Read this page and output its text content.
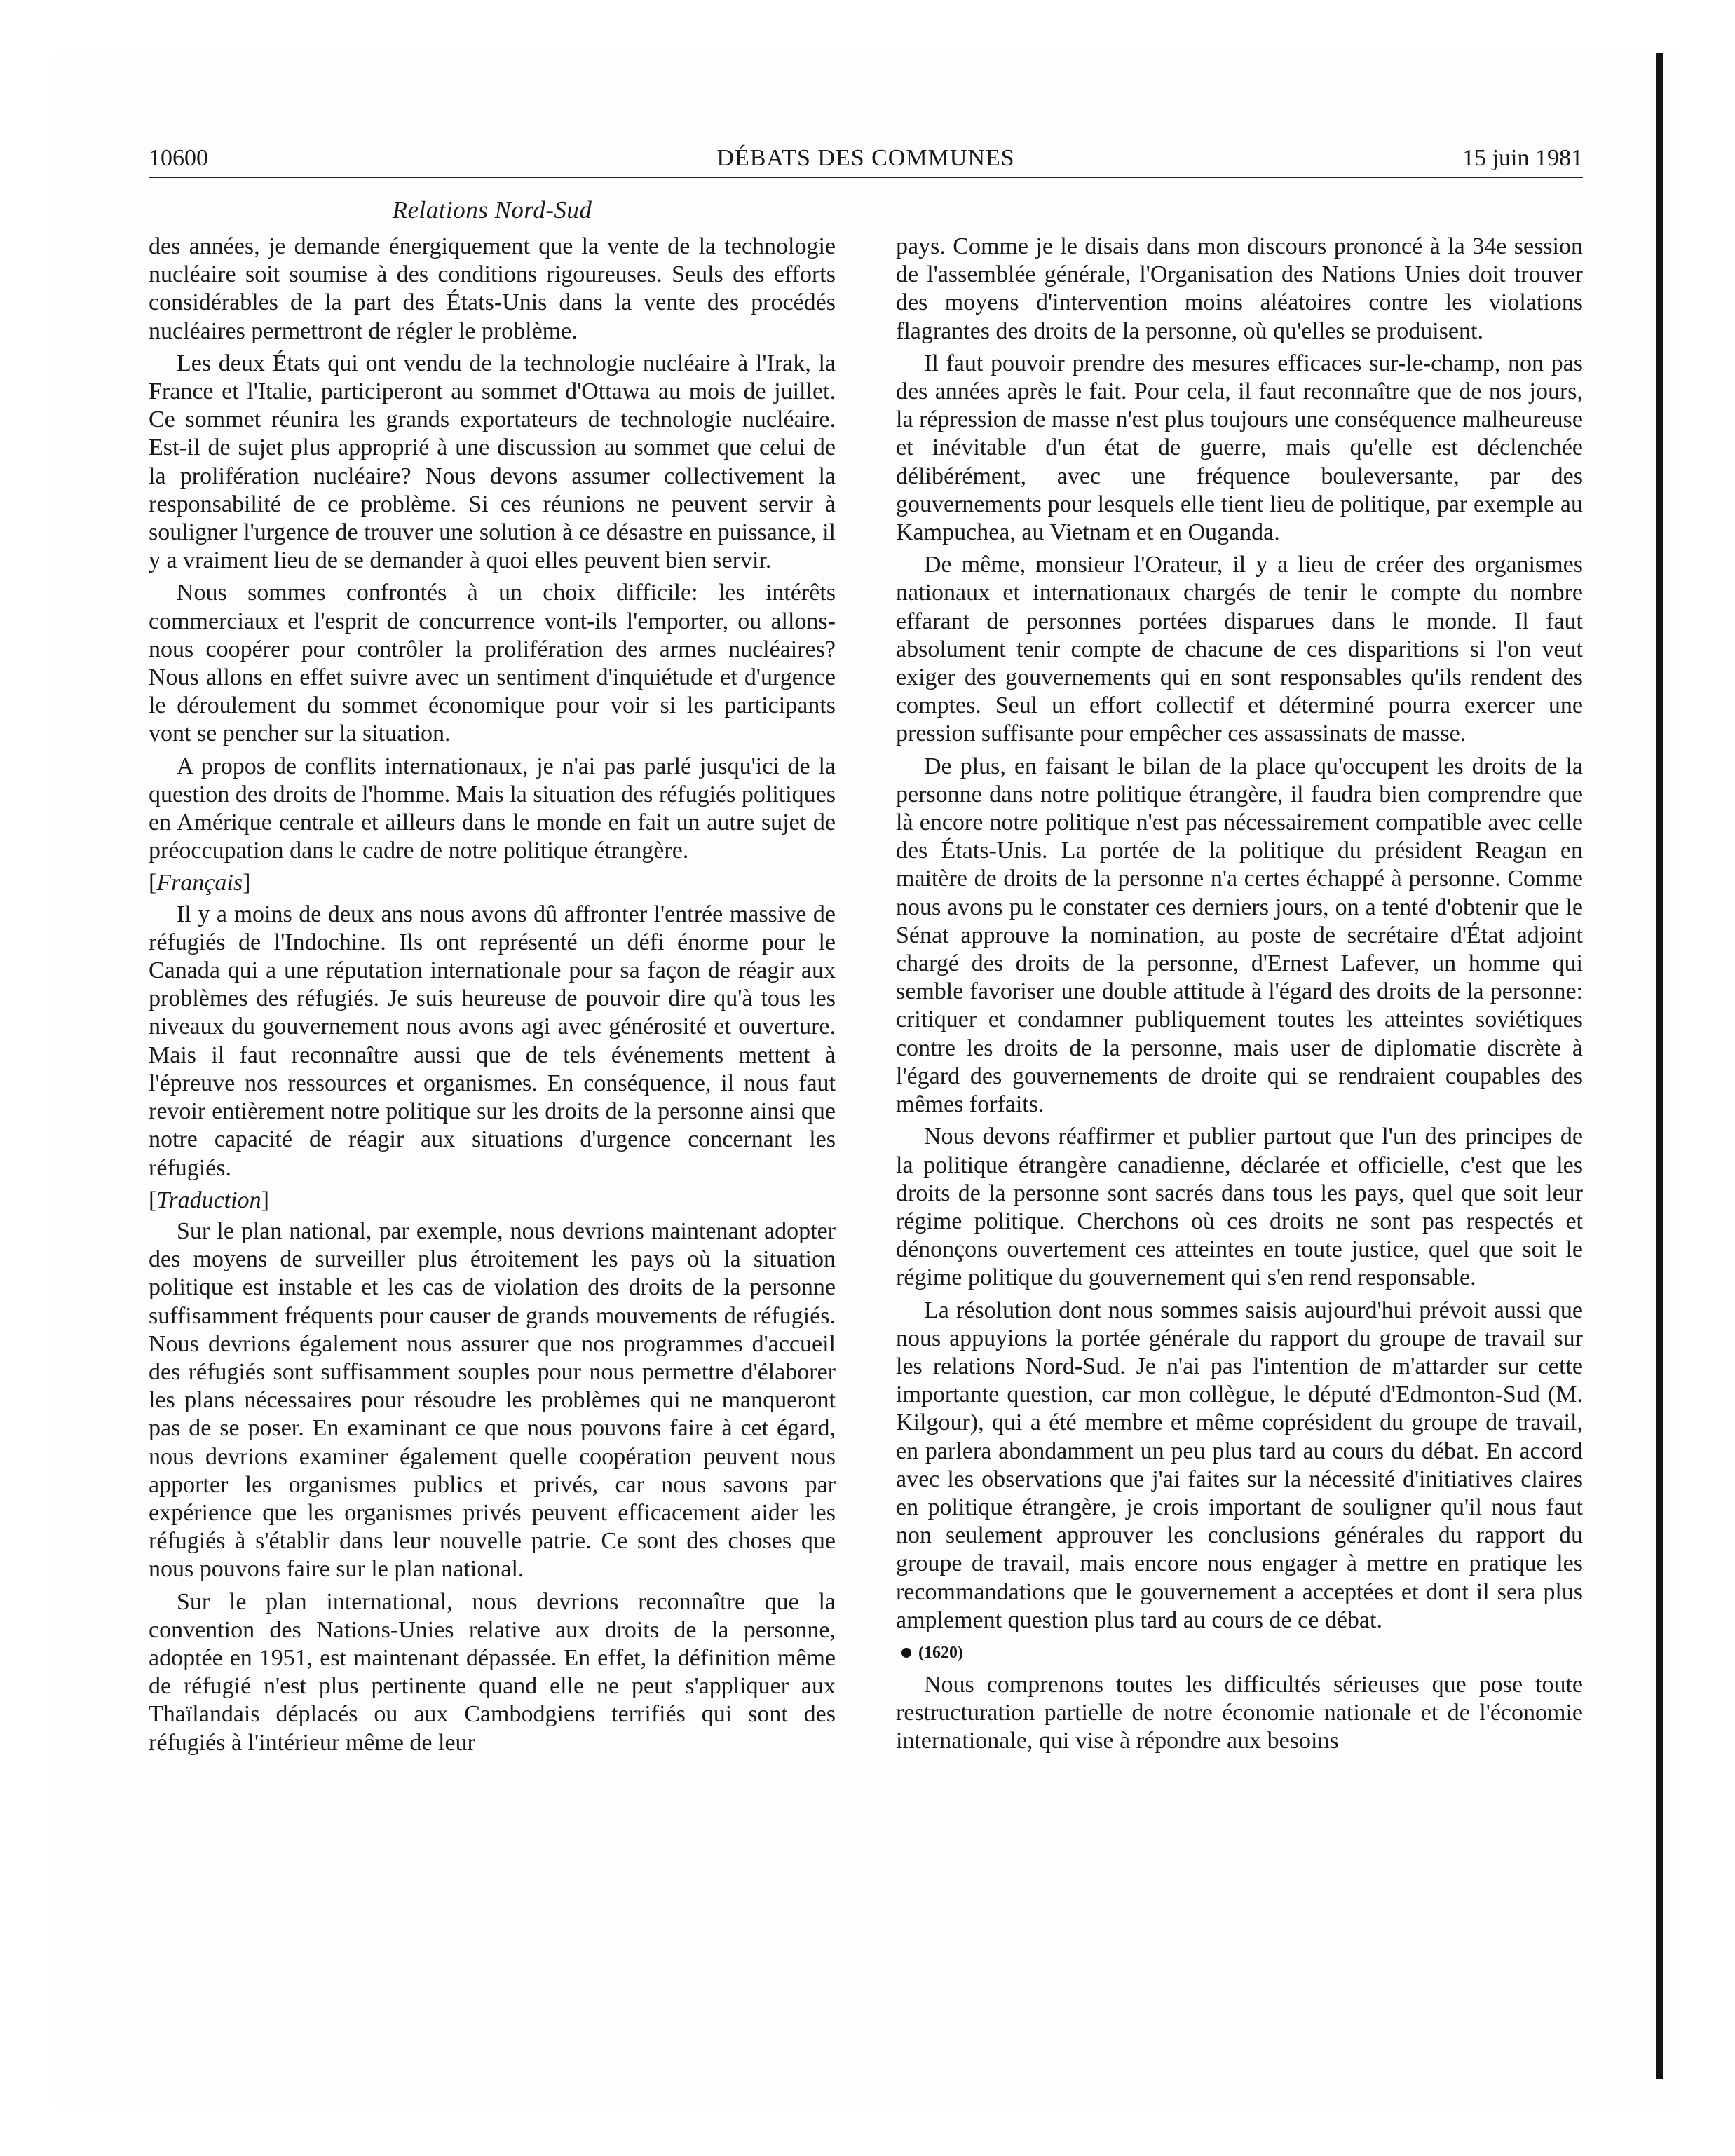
10600	DÉBATS DES COMMUNES	15 juin 1981
Relations Nord-Sud

des années, je demande énergiquement que la vente de la technologie nucléaire soit soumise à des conditions rigoureuses. Seuls des efforts considérables de la part des États-Unis dans la vente des procédés nucléaires permettront de régler le problème.

Les deux États qui ont vendu de la technologie nucléaire à l'Irak, la France et l'Italie, participeront au sommet d'Ottawa au mois de juillet. Ce sommet réunira les grands exportateurs de technologie nucléaire. Est-il de sujet plus approprié à une discussion au sommet que celui de la prolifération nucléaire? Nous devons assumer collectivement la responsabilité de ce problème. Si ces réunions ne peuvent servir à souligner l'urgence de trouver une solution à ce désastre en puissance, il y a vraiment lieu de se demander à quoi elles peuvent bien servir.

Nous sommes confrontés à un choix difficile: les intérêts commerciaux et l'esprit de concurrence vont-ils l'emporter, ou allons-nous coopérer pour contrôler la prolifération des armes nucléaires? Nous allons en effet suivre avec un sentiment d'inquiétude et d'urgence le déroulement du sommet économique pour voir si les participants vont se pencher sur la situation.

A propos de conflits internationaux, je n'ai pas parlé jusqu'ici de la question des droits de l'homme. Mais la situation des réfugiés politiques en Amérique centrale et ailleurs dans le monde en fait un autre sujet de préoccupation dans le cadre de notre politique étrangère.

[Français]

Il y a moins de deux ans nous avons dû affronter l'entrée massive de réfugiés de l'Indochine. Ils ont représenté un défi énorme pour le Canada qui a une réputation internationale pour sa façon de réagir aux problèmes des réfugiés. Je suis heureuse de pouvoir dire qu'à tous les niveaux du gouvernement nous avons agi avec générosité et ouverture. Mais il faut reconnaître aussi que de tels événements mettent à l'épreuve nos ressources et organismes. En conséquence, il nous faut revoir entièrement notre politique sur les droits de la personne ainsi que notre capacité de réagir aux situations d'urgence concernant les réfugiés.

[Traduction]

Sur le plan national, par exemple, nous devrions maintenant adopter des moyens de surveiller plus étroitement les pays où la situation politique est instable et les cas de violation des droits de la personne suffisamment fréquents pour causer de grands mouvements de réfugiés. Nous devrions également nous assurer que nos programmes d'accueil des réfugiés sont suffisamment souples pour nous permettre d'élaborer les plans nécessaires pour résoudre les problèmes qui ne manqueront pas de se poser. En examinant ce que nous pouvons faire à cet égard, nous devrions examiner également quelle coopération peuvent nous apporter les organismes publics et privés, car nous savons par expérience que les organismes privés peuvent efficacement aider les réfugiés à s'établir dans leur nouvelle patrie. Ce sont des choses que nous pouvons faire sur le plan national.

Sur le plan international, nous devrions reconnaître que la convention des Nations-Unies relative aux droits de la personne, adoptée en 1951, est maintenant dépassée. En effet, la définition même de réfugié n'est plus pertinente quand elle ne peut s'appliquer aux Thaïlandais déplacés ou aux Cambodgiens terrifiés qui sont des réfugiés à l'intérieur même de leur

pays. Comme je le disais dans mon discours prononcé à la 34e session de l'assemblée générale, l'Organisation des Nations Unies doit trouver des moyens d'intervention moins aléatoires contre les violations flagrantes des droits de la personne, où qu'elles se produisent.

Il faut pouvoir prendre des mesures efficaces sur-le-champ, non pas des années après le fait. Pour cela, il faut reconnaître que de nos jours, la répression de masse n'est plus toujours une conséquence malheureuse et inévitable d'un état de guerre, mais qu'elle est déclenchée délibérément, avec une fréquence bouleversante, par des gouvernements pour lesquels elle tient lieu de politique, par exemple au Kampuchea, au Vietnam et en Ouganda.

De même, monsieur l'Orateur, il y a lieu de créer des organismes nationaux et internationaux chargés de tenir le compte du nombre effarant de personnes portées disparues dans le monde. Il faut absolument tenir compte de chacune de ces disparitions si l'on veut exiger des gouvernements qui en sont responsables qu'ils rendent des comptes. Seul un effort collectif et déterminé pourra exercer une pression suffisante pour empêcher ces assassinats de masse.

De plus, en faisant le bilan de la place qu'occupent les droits de la personne dans notre politique étrangère, il faudra bien comprendre que là encore notre politique n'est pas nécessairement compatible avec celle des États-Unis. La portée de la politique du président Reagan en maitère de droits de la personne n'a certes échappé à personne. Comme nous avons pu le constater ces derniers jours, on a tenté d'obtenir que le Sénat approuve la nomination, au poste de secrétaire d'État adjoint chargé des droits de la personne, d'Ernest Lafever, un homme qui semble favoriser une double attitude à l'égard des droits de la personne: critiquer et condamner publiquement toutes les atteintes soviétiques contre les droits de la personne, mais user de diplomatie discrète à l'égard des gouvernements de droite qui se rendraient coupables des mêmes forfaits.

Nous devons réaffirmer et publier partout que l'un des principes de la politique étrangère canadienne, déclarée et officielle, c'est que les droits de la personne sont sacrés dans tous les pays, quel que soit leur régime politique. Cherchons où ces droits ne sont pas respectés et dénonçons ouvertement ces atteintes en toute justice, quel que soit le régime politique du gouvernement qui s'en rend responsable.

La résolution dont nous sommes saisis aujourd'hui prévoit aussi que nous appuyions la portée générale du rapport du groupe de travail sur les relations Nord-Sud. Je n'ai pas l'intention de m'attarder sur cette importante question, car mon collègue, le député d'Edmonton-Sud (M. Kilgour), qui a été membre et même coprésident du groupe de travail, en parlera abondamment un peu plus tard au cours du débat. En accord avec les observations que j'ai faites sur la nécessité d'initiatives claires en politique étrangère, je crois important de souligner qu'il nous faut non seulement approuver les conclusions générales du rapport du groupe de travail, mais encore nous engager à mettre en pratique les recommandations que le gouvernement a acceptées et dont il sera plus amplement question plus tard au cours de ce débat.

(1620)

Nous comprenons toutes les difficultés sérieuses que pose toute restructuration partielle de notre économie nationale et de l'économie internationale, qui vise à répondre aux besoins
